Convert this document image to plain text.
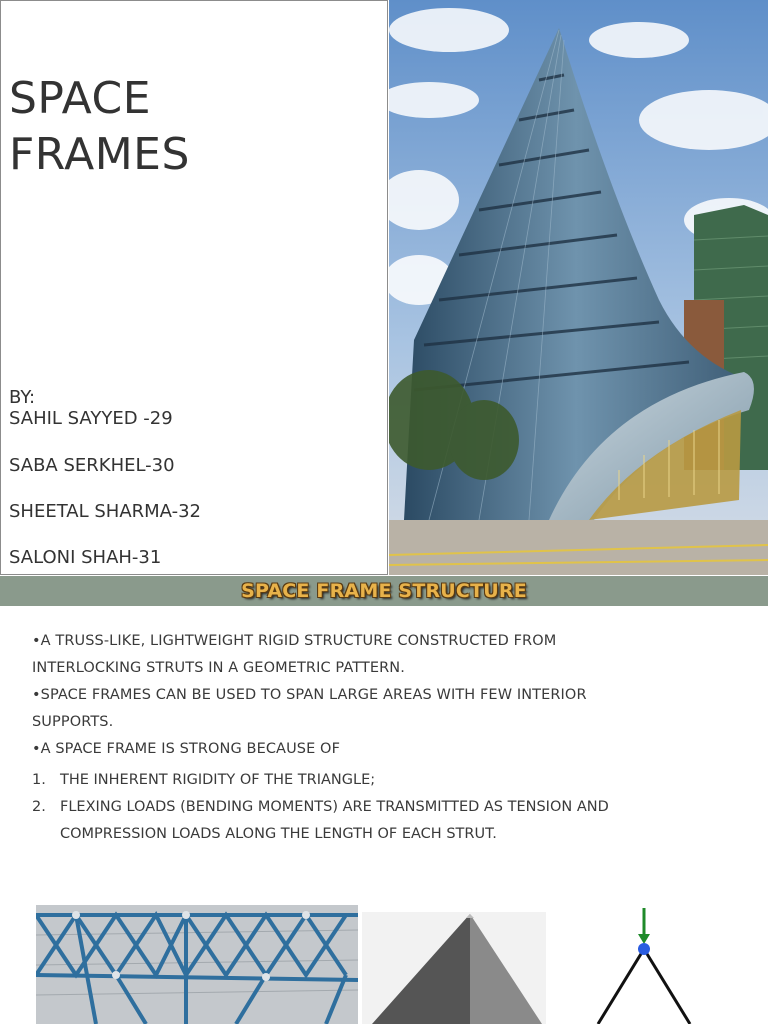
SPACE
FRAMES
BY:
SAHIL SAYYED -29
SABA SERKHEL-30
SHEETAL SHARMA-32
SALONI SHAH-31
SPACE FRAME STRUCTURE

•A TRUSS-LIKE, LIGHTWEIGHT RIGID STRUCTURE CONSTRUCTED FROM INTERLOCKING STRUTS IN A GEOMETRIC PATTERN.

•SPACE FRAMES CAN BE USED TO SPAN LARGE AREAS WITH FEW INTERIOR SUPPORTS.

•A SPACE FRAME IS STRONG BECAUSE OF

1. THE INHERENT RIGIDITY OF THE TRIANGLE;
2. FLEXING LOADS (BENDING MOMENTS) ARE TRANSMITTED AS TENSION AND COMPRESSION LOADS ALONG THE LENGTH OF EACH STRUT.
